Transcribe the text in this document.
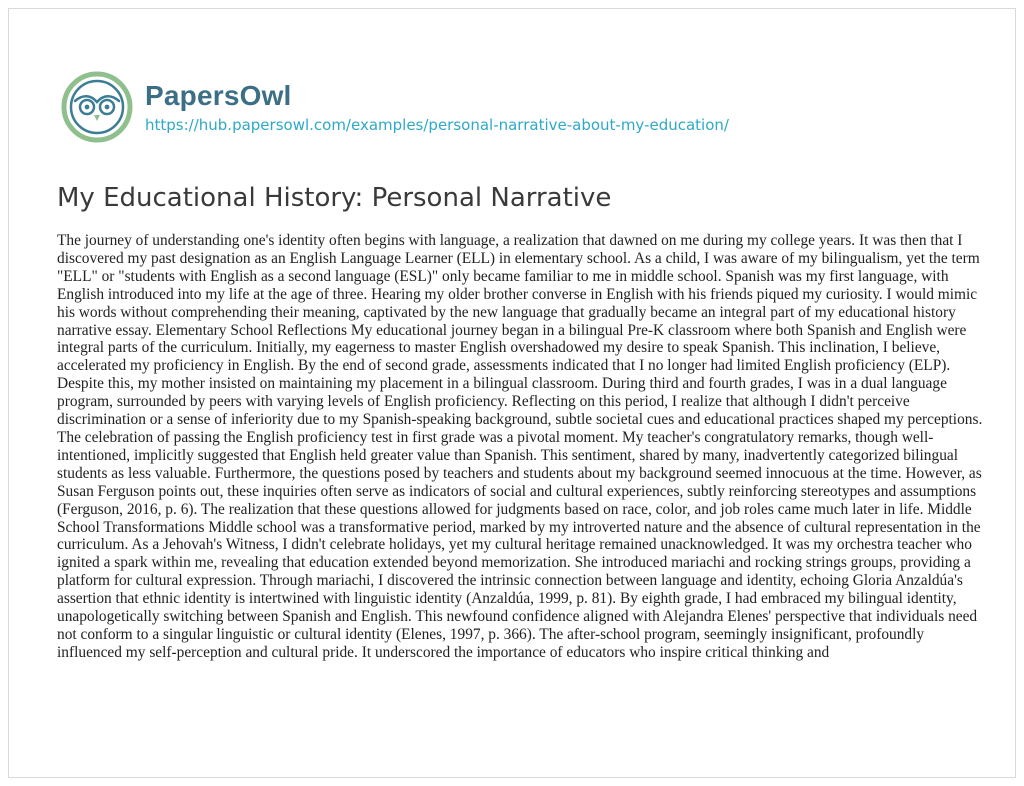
PapersOwl
https://hub.papersowl.com/examples/personal-narrative-about-my-education/
My Educational History: Personal Narrative

The journey of understanding one's identity often begins with language, a realization that dawned on me during my college years. It was then that I discovered my past designation as an English Language Learner (ELL) in elementary school. As a child, I was aware of my bilingualism, yet the term "ELL" or "students with English as a second language (ESL)" only became familiar to me in middle school. Spanish was my first language, with English introduced into my life at the age of three. Hearing my older brother converse in English with his friends piqued my curiosity. I would mimic his words without comprehending their meaning, captivated by the new language that gradually became an integral part of my educational history narrative essay. Elementary School Reflections My educational journey began in a bilingual Pre-K classroom where both Spanish and English were integral parts of the curriculum. Initially, my eagerness to master English overshadowed my desire to speak Spanish. This inclination, I believe, accelerated my proficiency in English. By the end of second grade, assessments indicated that I no longer had limited English proficiency (ELP). Despite this, my mother insisted on maintaining my placement in a bilingual classroom. During third and fourth grades, I was in a dual language program, surrounded by peers with varying levels of English proficiency. Reflecting on this period, I realize that although I didn't perceive discrimination or a sense of inferiority due to my Spanish-speaking background, subtle societal cues and educational practices shaped my perceptions. The celebration of passing the English proficiency test in first grade was a pivotal moment. My teacher's congratulatory remarks, though well-intentioned, implicitly suggested that English held greater value than Spanish. This sentiment, shared by many, inadvertently categorized bilingual students as less valuable. Furthermore, the questions posed by teachers and students about my background seemed innocuous at the time. However, as Susan Ferguson points out, these inquiries often serve as indicators of social and cultural experiences, subtly reinforcing stereotypes and assumptions (Ferguson, 2016, p. 6). The realization that these questions allowed for judgments based on race, color, and job roles came much later in life. Middle School Transformations Middle school was a transformative period, marked by my introverted nature and the absence of cultural representation in the curriculum. As a Jehovah's Witness, I didn't celebrate holidays, yet my cultural heritage remained unacknowledged. It was my orchestra teacher who ignited a spark within me, revealing that education extended beyond memorization. She introduced mariachi and rocking strings groups, providing a platform for cultural expression. Through mariachi, I discovered the intrinsic connection between language and identity, echoing Gloria Anzaldúa's assertion that ethnic identity is intertwined with linguistic identity (Anzaldúa, 1999, p. 81). By eighth grade, I had embraced my bilingual identity, unapologetically switching between Spanish and English. This newfound confidence aligned with Alejandra Elenes' perspective that individuals need not conform to a singular linguistic or cultural identity (Elenes, 1997, p. 366). The after-school program, seemingly insignificant, profoundly influenced my self-perception and cultural pride. It underscored the importance of educators who inspire critical thinking and
